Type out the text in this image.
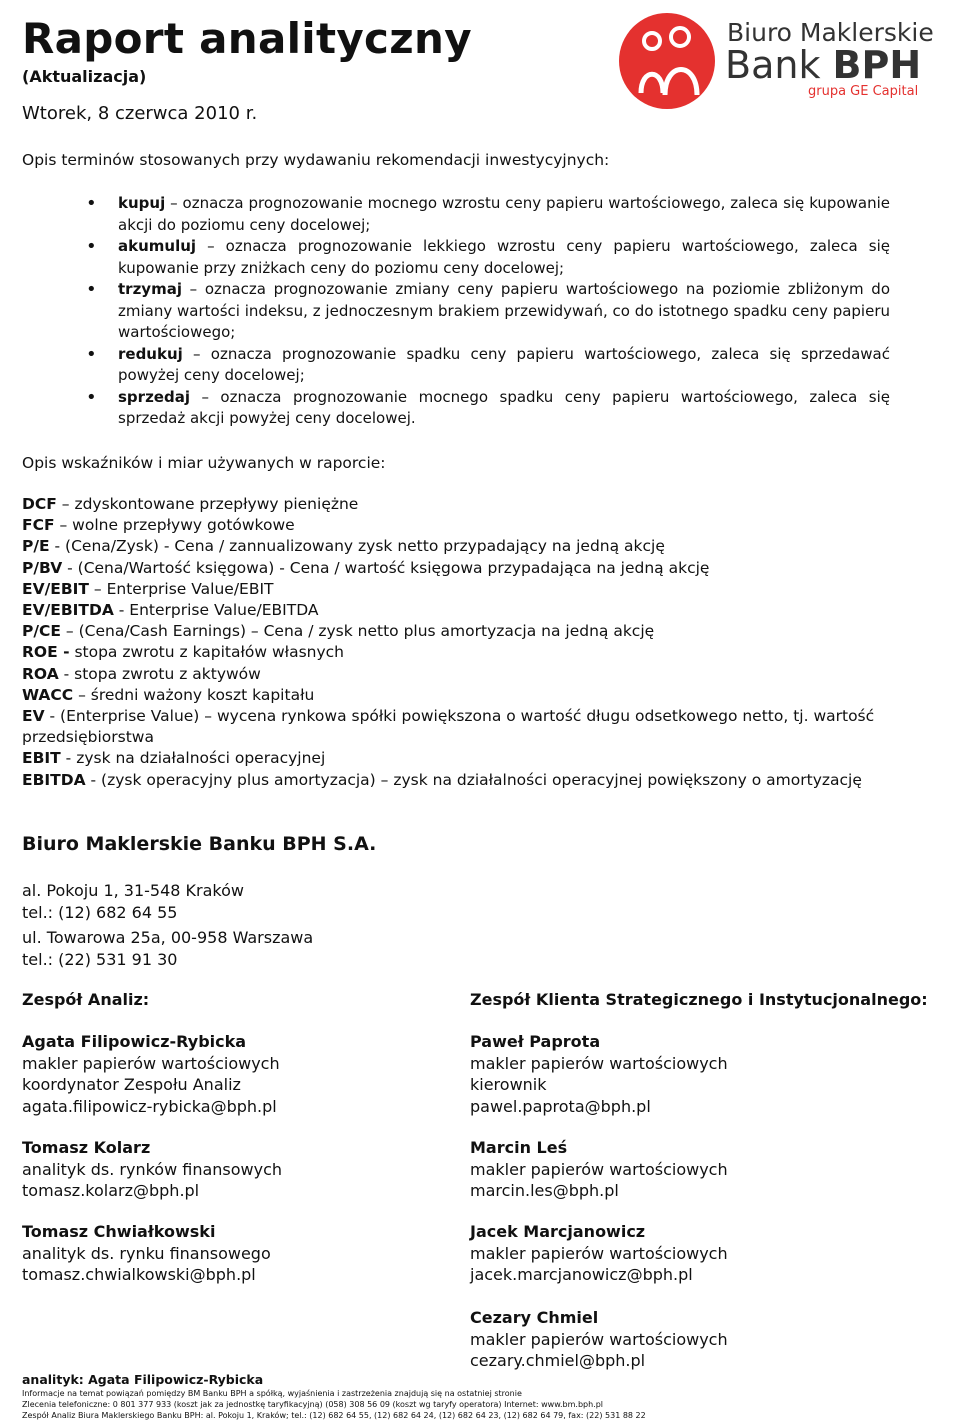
Raport analityczny
(Aktualizacja)
Wtorek, 8 czerwca 2010 r.
Biuro Maklerskie
Bank BPH
grupa GE Capital
Opis terminów stosowanych przy wydawaniu rekomendacji inwestycyjnych:
• kupuj – oznacza prognozowanie mocnego wzrostu ceny papieru wartościowego, zaleca się kupowanie akcji do poziomu ceny docelowej;
• akumuluj – oznacza prognozowanie lekkiego wzrostu ceny papieru wartościowego, zaleca się kupowanie przy zniżkach ceny do poziomu ceny docelowej;
• trzymaj – oznacza prognozowanie zmiany ceny papieru wartościowego na poziomie zbliżonym do zmiany wartości indeksu, z jednoczesnym brakiem przewidywań, co do istotnego spadku ceny papieru wartościowego;
• redukuj – oznacza prognozowanie spadku ceny papieru wartościowego, zaleca się sprzedawać powyżej ceny docelowej;
• sprzedaj – oznacza prognozowanie mocnego spadku ceny papieru wartościowego, zaleca się sprzedaż akcji powyżej ceny docelowej.
Opis wskaźników i miar używanych w raporcie:
DCF – zdyskontowane przepływy pieniężne
FCF – wolne przepływy gotówkowe
P/E - (Cena/Zysk) - Cena / zannualizowany zysk netto przypadający na jedną akcję
P/BV - (Cena/Wartość księgowa) - Cena / wartość księgowa przypadająca na jedną akcję
EV/EBIT – Enterprise Value/EBIT
EV/EBITDA - Enterprise Value/EBITDA
P/CE – (Cena/Cash Earnings) – Cena / zysk netto plus amortyzacja na jedną akcję
ROE - stopa zwrotu z kapitałów własnych
ROA - stopa zwrotu z aktywów
WACC – średni ważony koszt kapitału
EV - (Enterprise Value) – wycena rynkowa spółki powiększona o wartość długu odsetkowego netto, tj. wartość przedsiębiorstwa
EBIT - zysk na działalności operacyjnej
EBITDA - (zysk operacyjny plus amortyzacja) – zysk na działalności operacyjnej powiększony o amortyzację
Biuro Maklerskie Banku BPH S.A.
al. Pokoju 1, 31-548 Kraków
tel.: (12) 682 64 55
ul. Towarowa 25a, 00-958 Warszawa
tel.: (22) 531 91 30
Zespół Analiz:
Agata Filipowicz-Rybicka
makler papierów wartościowych
koordynator Zespołu Analiz
agata.filipowicz-rybicka@bph.pl
Tomasz Kolarz
analityk ds. rynków finansowych
tomasz.kolarz@bph.pl
Tomasz Chwiałkowski
analityk ds. rynku finansowego
tomasz.chwialkowski@bph.pl
Zespół Klienta Strategicznego i Instytucjonalnego:
Paweł Paprota
makler papierów wartościowych
kierownik
pawel.paprota@bph.pl
Marcin Leś
makler papierów wartościowych
marcin.les@bph.pl
Jacek Marcjanowicz
makler papierów wartościowych
jacek.marcjanowicz@bph.pl
Cezary Chmiel
makler papierów wartościowych
cezary.chmiel@bph.pl
analityk: Agata Filipowicz-Rybicka
Informacje na temat powiązań pomiędzy BM Banku BPH a spółką, wyjaśnienia i zastrzeżenia znajdują się na ostatniej stronie
Zlecenia telefoniczne: 0 801 377 933 (koszt jak za jednostkę taryfikacyjną) (058) 308 56 09 (koszt wg taryfy operatora) Internet: www.bm.bph.pl
Zespół Analiz Biura Maklerskiego Banku BPH: al. Pokoju 1, Kraków; tel.: (12) 682 64 55, (12) 682 64 24, (12) 682 64 23, (12) 682 64 79, fax: (22) 531 88 22
